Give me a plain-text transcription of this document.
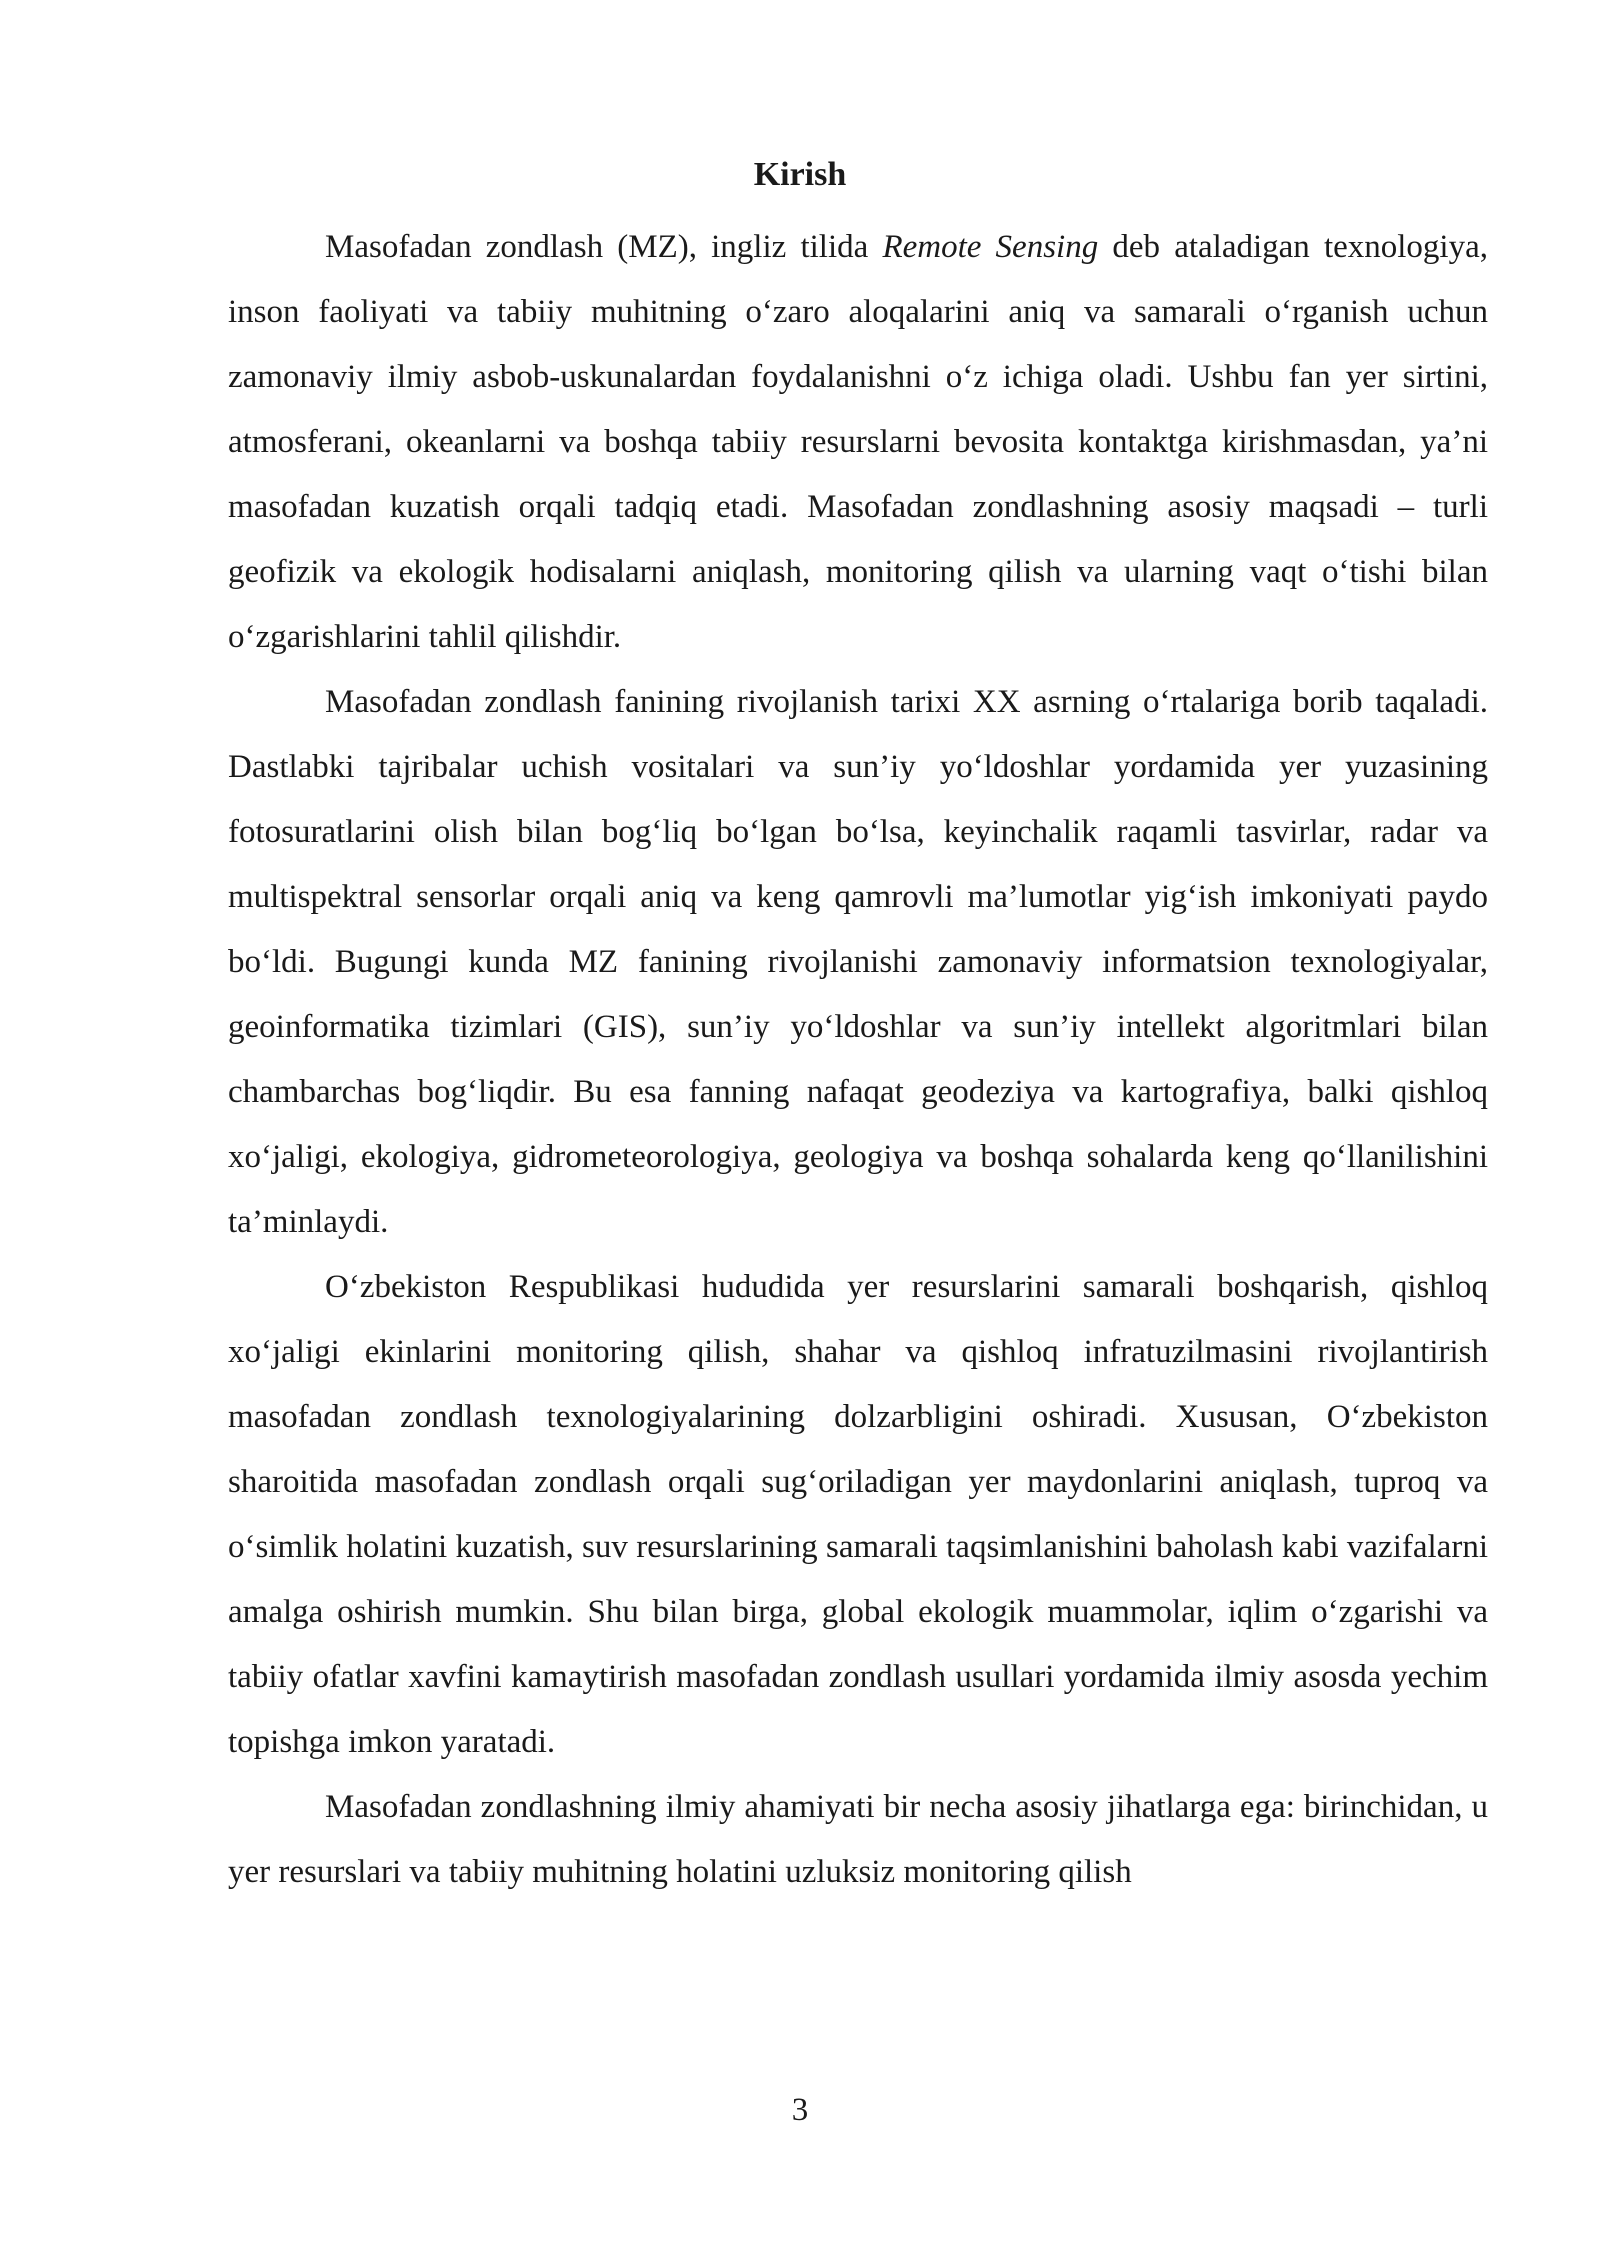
Kirish

Masofadan zondlash (MZ), ingliz tilida Remote Sensing deb ataladigan texnologiya, inson faoliyati va tabiiy muhitning o‘zaro aloqalarini aniq va samarali o‘rganish uchun zamonaviy ilmiy asbob-uskunalardan foydalanishni o‘z ichiga oladi. Ushbu fan yer sirtini, atmosferani, okeanlarni va boshqa tabiiy resurslarni bevosita kontaktga kirishmasdan, ya’ni masofadan kuzatish orqali tadqiq etadi. Masofadan zondlashning asosiy maqsadi – turli geofizik va ekologik hodisalarni aniqlash, monitoring qilish va ularning vaqt o‘tishi bilan o‘zgarishlarini tahlil qilishdir.

Masofadan zondlash fanining rivojlanish tarixi XX asrning o‘rtalariga borib taqaladi. Dastlabki tajribalar uchish vositalari va sun’iy yo‘ldoshlar yordamida yer yuzasining fotosuratlarini olish bilan bog‘liq bo‘lgan bo‘lsa, keyinchalik raqamli tasvirlar, radar va multispektral sensorlar orqali aniq va keng qamrovli ma’lumotlar yig‘ish imkoniyati paydo bo‘ldi. Bugungi kunda MZ fanining rivojlanishi zamonaviy informatsion texnologiyalar, geoinformatika tizimlari (GIS), sun’iy yo‘ldoshlar va sun’iy intellekt algoritmlari bilan chambarchas bog‘liqdir. Bu esa fanning nafaqat geodeziya va kartografiya, balki qishloq xo‘jaligi, ekologiya, gidrometeorologiya, geologiya va boshqa sohalarda keng qo‘llanilishini ta’minlaydi.

O‘zbekiston Respublikasi hududida yer resurslarini samarali boshqarish, qishloq xo‘jaligi ekinlarini monitoring qilish, shahar va qishloq infratuzilmasini rivojlantirish masofadan zondlash texnologiyalarining dolzarbligini oshiradi. Xususan, O‘zbekiston sharoitida masofadan zondlash orqali sug‘oriladigan yer maydonlarini aniqlash, tuproq va o‘simlik holatini kuzatish, suv resurslarining samarali taqsimlanishini baholash kabi vazifalarni amalga oshirish mumkin. Shu bilan birga, global ekologik muammolar, iqlim o‘zgarishi va tabiiy ofatlar xavfini kamaytirish masofadan zondlash usullari yordamida ilmiy asosda yechim topishga imkon yaratadi.

Masofadan zondlashning ilmiy ahamiyati bir necha asosiy jihatlarga ega: birinchidan, u yer resurslari va tabiiy muhitning holatini uzluksiz monitoring qilish

3
